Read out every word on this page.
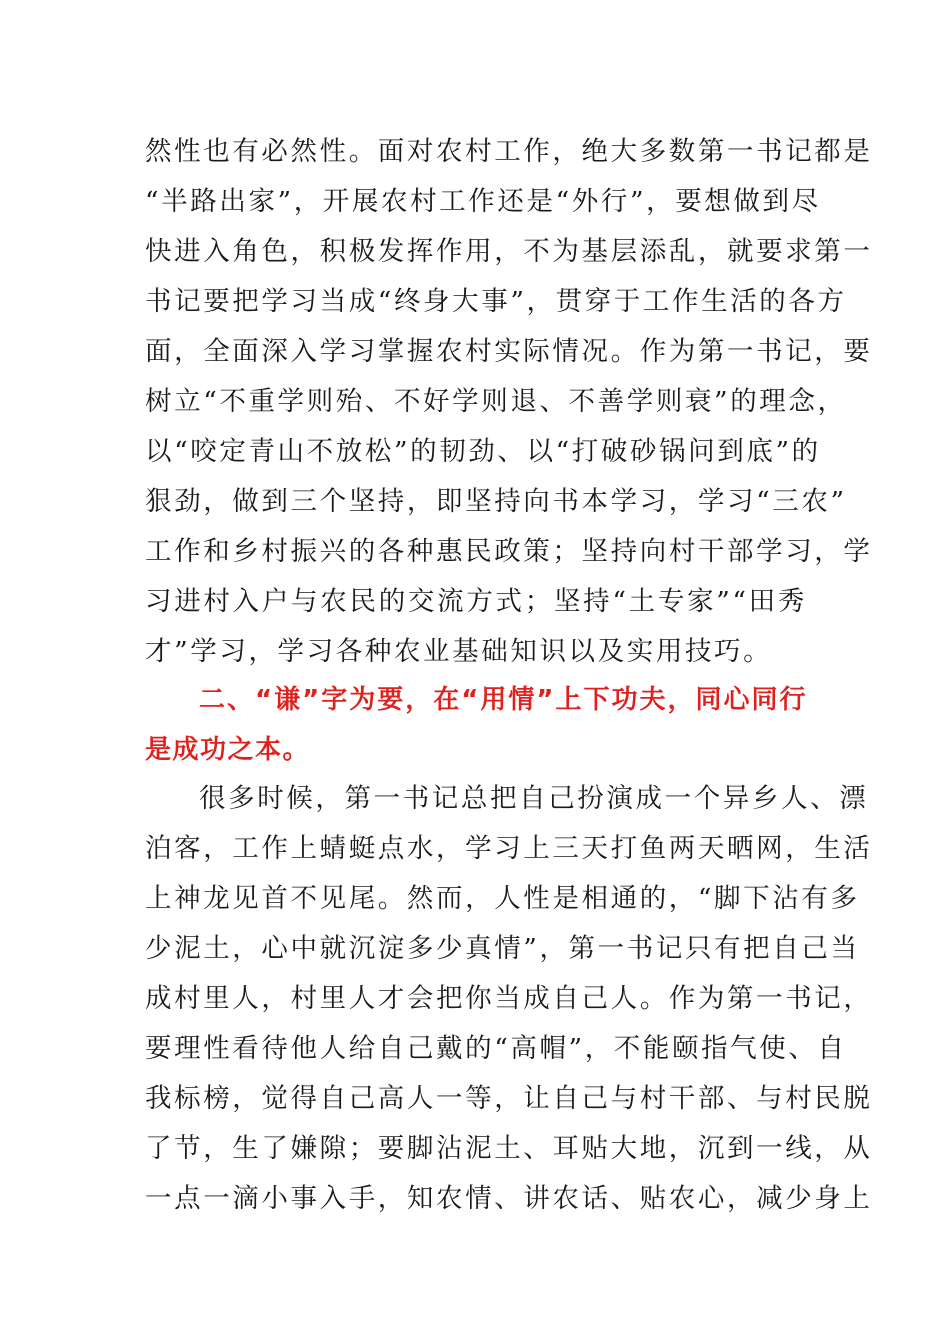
然性也有必然性。面对农村工作，绝大多数第一书记都是
“半路出家”，开展农村工作还是“外行”，要想做到尽
快进入角色，积极发挥作用，不为基层添乱，就要求第一
书记要把学习当成“终身大事”，贯穿于工作生活的各方
面，全面深入学习掌握农村实际情况。作为第一书记，要
树立“不重学则殆、不好学则退、不善学则衰”的理念，
以“咬定青山不放松”的韧劲、以“打破砂锅问到底”的
狠劲，做到三个坚持，即坚持向书本学习，学习“三农”
工作和乡村振兴的各种惠民政策；坚持向村干部学习，学
习进村入户与农民的交流方式；坚持“土专家”“田秀
才”学习，学习各种农业基础知识以及实用技巧。
二、“谦”字为要，在“用情”上下功夫，同心同行
是成功之本。
很多时候，第一书记总把自己扮演成一个异乡人、漂
泊客，工作上蜻蜓点水，学习上三天打鱼两天晒网，生活
上神龙见首不见尾。然而，人性是相通的，“脚下沾有多
少泥土，心中就沉淀多少真情”，第一书记只有把自己当
成村里人，村里人才会把你当成自己人。作为第一书记，
要理性看待他人给自己戴的“高帽”，不能颐指气使、自
我标榜，觉得自己高人一等，让自己与村干部、与村民脱
了节，生了嫌隙；要脚沾泥土、耳贴大地，沉到一线，从
一点一滴小事入手，知农情、讲农话、贴农心，减少身上
